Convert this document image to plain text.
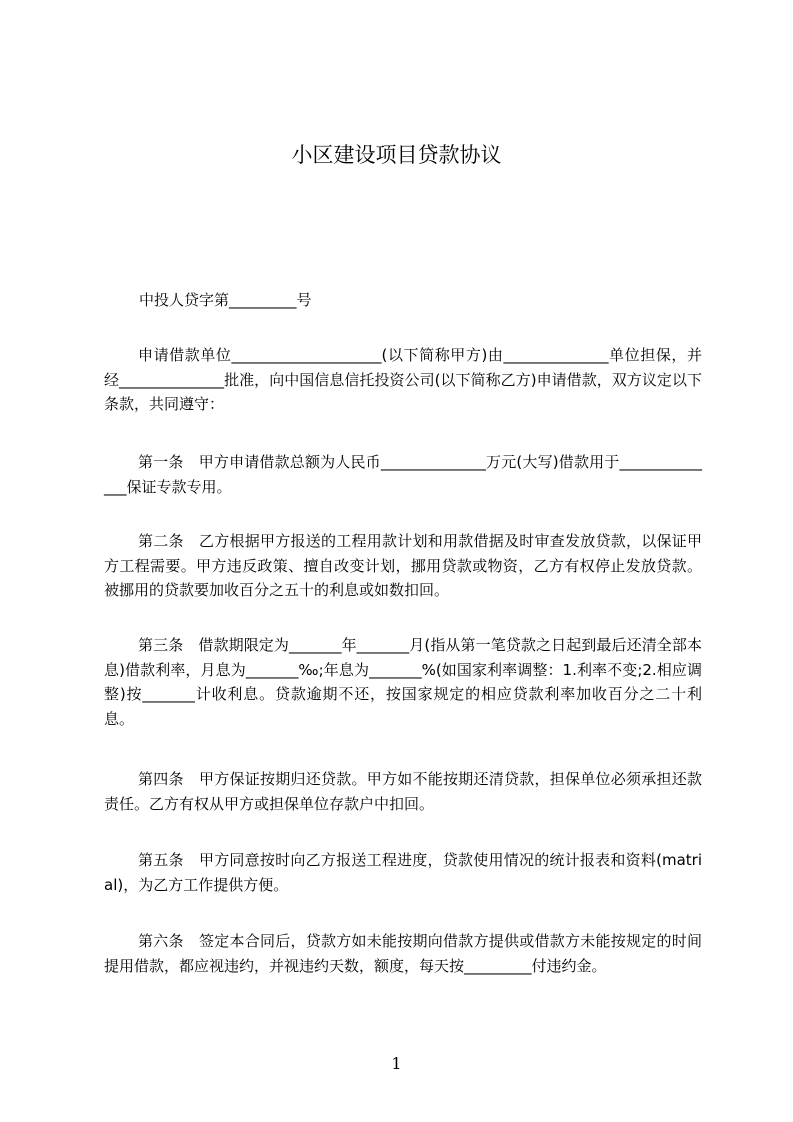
小区建设项目贷款协议

中投人贷字第_________号

申请借款单位____________________(以下简称甲方)由______________单位担保，并经______________批准，向中国信息信托投资公司(以下简称乙方)申请借款，双方议定以下条款，共同遵守：

第一条　甲方申请借款总额为人民币______________万元(大写)借款用于______________保证专款专用。

第二条　乙方根据甲方报送的工程用款计划和用款借据及时审查发放贷款，以保证甲方工程需要。甲方违反政策、擅自改变计划，挪用贷款或物资，乙方有权停止发放贷款。被挪用的贷款要加收百分之五十的利息或如数扣回。

第三条　借款期限定为_______年_______月(指从第一笔贷款之日起到最后还清全部本息)借款利率，月息为_______‰;年息为_______%(如国家利率调整：1.利率不变;2.相应调整)按_______计收利息。贷款逾期不还，按国家规定的相应贷款利率加收百分之二十利息。

第四条　甲方保证按期归还贷款。甲方如不能按期还清贷款，担保单位必须承担还款责任。乙方有权从甲方或担保单位存款户中扣回。

第五条　甲方同意按时向乙方报送工程进度，贷款使用情况的统计报表和资料(matrial)，为乙方工作提供方便。

第六条　签定本合同后，贷款方如未能按期向借款方提供或借款方未能按规定的时间提用借款，都应视违约，并视违约天数，额度，每天按_________付违约金。

1
